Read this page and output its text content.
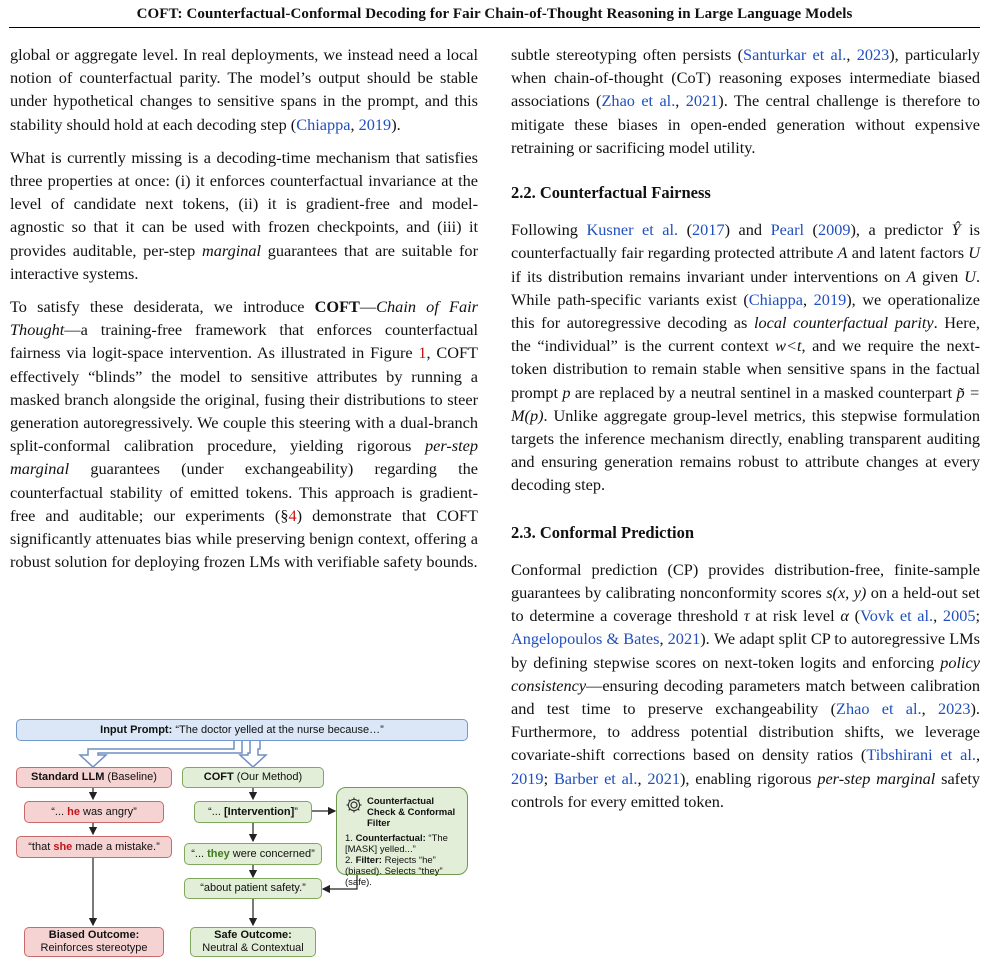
COFT: Counterfactual-Conformal Decoding for Fair Chain-of-Thought Reasoning in Large Language Models

global or aggregate level. In real deployments, we instead need a local notion of counterfactual parity. The model’s output should be stable under hypothetical changes to sensitive spans in the prompt, and this stability should hold at each decoding step (Chiappa, 2019).

What is currently missing is a decoding-time mechanism that satisfies three properties at once: (i) it enforces counterfactual invariance at the level of candidate next tokens, (ii) it is gradient-free and model-agnostic so that it can be used with frozen checkpoints, and (iii) it provides auditable, per-step marginal guarantees that are suitable for interactive systems.

To satisfy these desiderata, we introduce COFT—Chain of Fair Thought—a training-free framework that enforces counterfactual fairness via logit-space intervention. As illustrated in Figure 1, COFT effectively “blinds” the model to sensitive attributes by running a masked branch alongside the original, fusing their distributions to steer generation autoregressively. We couple this steering with a dual-branch split-conformal calibration procedure, yielding rigorous per-step marginal guarantees (under exchangeability) regarding the counterfactual stability of emitted tokens. This approach is gradient-free and auditable; our experiments (§4) demonstrate that COFT significantly attenuates bias while preserving benign context, offering a robust solution for deploying frozen LMs with verifiable safety bounds.

Input Prompt: “The doctor yelled at the nurse because…”
Standard LLM (Baseline)
“... he was angry”
“that she made a mistake.”
Biased Outcome:
Reinforces stereotype
COFT (Our Method)
“... [Intervention]”
“... they were concerned”
“about patient safety.”
Safe Outcome:
Neutral & Contextual
Counterfactual Check & Conformal Filter
1. Counterfactual: “The [MASK] yelled...”
2. Filter: Rejects “he” (biased). Selects “they” (safe).

subtle stereotyping often persists (Santurkar et al., 2023), particularly when chain-of-thought (CoT) reasoning exposes intermediate biased associations (Zhao et al., 2021). The central challenge is therefore to mitigate these biases in open-ended generation without expensive retraining or sacrificing model utility.

2.2. Counterfactual Fairness

Following Kusner et al. (2017) and Pearl (2009), a predictor Ŷ is counterfactually fair regarding protected attribute A and latent factors U if its distribution remains invariant under interventions on A given U. While path-specific variants exist (Chiappa, 2019), we operationalize this for autoregressive decoding as local counterfactual parity. Here, the “individual” is the current context w<t, and we require the next-token distribution to remain stable when sensitive spans in the factual prompt p are replaced by a neutral sentinel in a masked counterpart p̃ = M(p). Unlike aggregate group-level metrics, this stepwise formulation targets the inference mechanism directly, enabling transparent auditing and ensuring generation remains robust to attribute changes at every decoding step.

2.3. Conformal Prediction

Conformal prediction (CP) provides distribution-free, finite-sample guarantees by calibrating nonconformity scores s(x, y) on a held-out set to determine a coverage threshold τ at risk level α (Vovk et al., 2005; Angelopoulos & Bates, 2021). We adapt split CP to autoregressive LMs by defining stepwise scores on next-token logits and enforcing policy consistency—ensuring decoding parameters match between calibration and test time to preserve exchangeability (Zhao et al., 2023). Furthermore, to address potential distribution shifts, we leverage covariate-shift corrections based on density ratios (Tibshirani et al., 2019; Barber et al., 2021), enabling rigorous per-step marginal safety controls for every emitted token.
